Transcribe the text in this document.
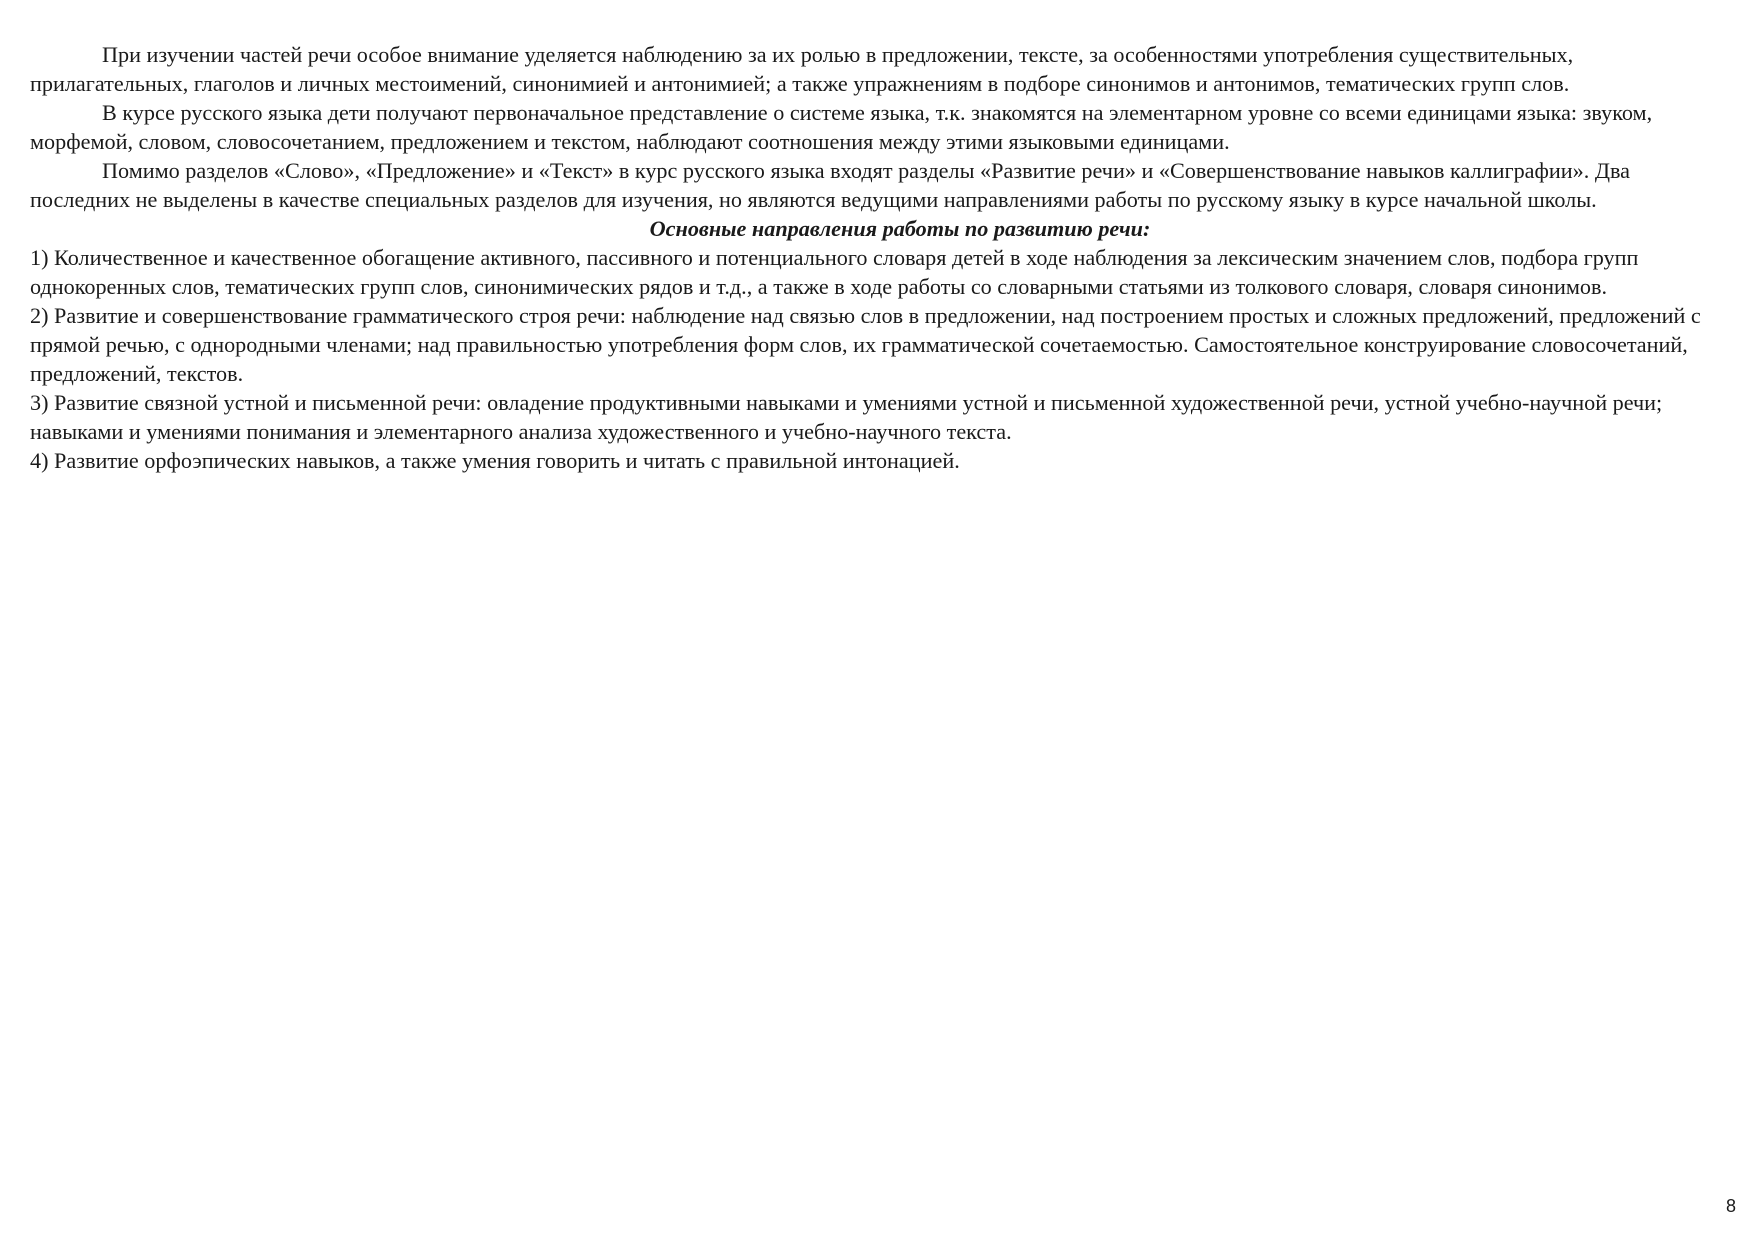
При изучении частей речи особое внимание уделяется наблюдению за их ролью в предложении, тексте, за особенностями употребления существительных, прилагательных, глаголов и личных местоимений, синонимией и антонимией; а также упражнениям в подборе синонимов и антонимов, тематических групп слов.

В курсе русского языка дети получают первоначальное представление о системе языка, т.к. знакомятся на элементарном уровне со всеми единицами языка: звуком, морфемой, словом, словосочетанием, предложением и текстом, наблюдают соотношения между этими языковыми единицами.

Помимо разделов «Слово», «Предложение» и «Текст» в курс русского языка входят разделы «Развитие речи» и «Совершенствование навыков каллиграфии». Два последних не выделены в качестве специальных разделов для изучения, но являются ведущими направлениями работы по русскому языку в курсе начальной школы.

Основные направления работы по развитию речи:

1) Количественное и качественное обогащение активного, пассивного и потенциального словаря детей в ходе наблюдения за лексическим значением слов, подбора групп однокоренных слов, тематических групп слов, синонимических рядов и т.д., а также в ходе работы со словарными статьями из толкового словаря, словаря синонимов.

2) Развитие и совершенствование грамматического строя речи: наблюдение над связью слов в предложении, над построением простых и сложных предложений, предложений с прямой речью, с однородными членами; над правильностью употребления форм слов, их грамматической сочетаемостью. Самостоятельное конструирование словосочетаний, предложений, текстов.

3) Развитие связной устной и письменной речи: овладение продуктивными навыками и умениями устной и письменной художественной речи, устной учебно-научной речи; навыками и умениями понимания и элементарного анализа художественного и учебно-научного текста.

4) Развитие орфоэпических навыков, а также умения говорить и читать с правильной интонацией.

8
